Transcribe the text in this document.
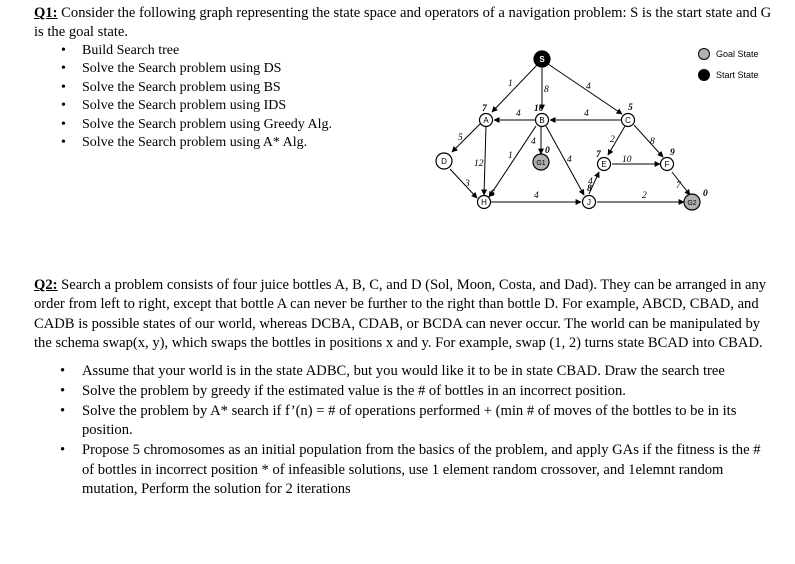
Q1: Consider the following graph representing the state space and operators of a navigation problem: S is the start state and G is the goal state.
• Build Search tree
• Solve the Search problem using DS
• Solve the Search problem using BS
• Solve the Search problem using IDS
• Solve the Search problem using Greedy Alg.
• Solve the Search problem using A* Alg.
1
8	4
5
12
4
4
1	4
4
2	8
3
10
7
4	2
4
S
A	B	C
D	E	F
G1
H	J	G2
7	10	5
7	9
0
0
6	8
Goal State
Start State

Q2: Search a problem consists of four juice bottles A, B, C, and D (Sol, Moon, Costa, and Dad). They can be arranged in any order from left to right, except that bottle A can never be further to the right than bottle D. For example, ABCD, CBAD, and CADB is possible states of our world, whereas DCBA, CDAB, or BCDA can never occur. The world can be manipulated by the schema swap(x, y), which swaps the bottles in positions x and y. For example, swap (1, 2) turns state BCAD into CBAD.

• Assume that your world is in the state ADBC, but you would like it to be in state CBAD. Draw the search tree
• Solve the problem by greedy if the estimated value is the # of bottles in an incorrect position.
• Solve the problem by A* search if f’(n) = # of operations performed + (min # of moves of the bottles to be in its position.
• Propose 5 chromosomes as an initial population from the basics of the problem, and apply GAs if the fitness is the # of bottles in incorrect position * of infeasible solutions, use 1 element random crossover, and 1elemnt random mutation, Perform the solution for 2 iterations
